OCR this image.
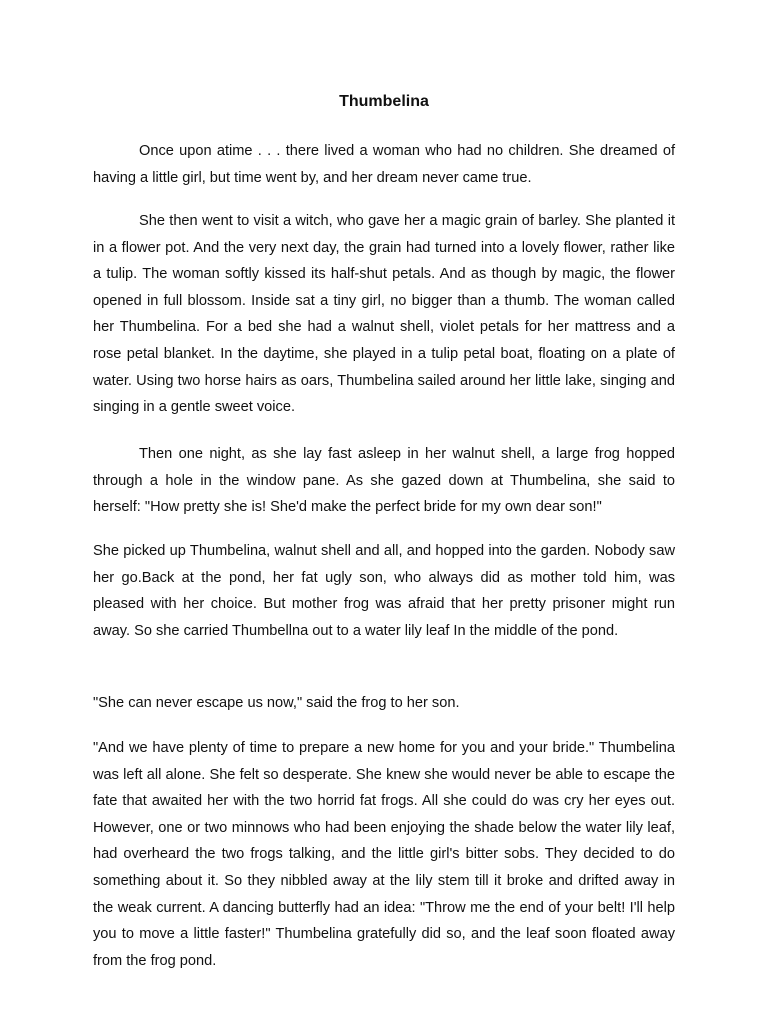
Thumbelina

Once upon atime . . . there lived a woman who had no children. She dreamed of having a little girl, but time went by, and her dream never came true.

She then went to visit a witch, who gave her a magic grain of barley. She planted it in a flower pot. And the very next day, the grain had turned into a lovely flower, rather like a tulip. The woman softly kissed its half-shut petals. And as though by magic, the flower opened in full blossom. Inside sat a tiny girl, no bigger than a thumb. The woman called her Thumbelina. For a bed she had a walnut shell, violet petals for her mattress and a rose petal blanket. In the daytime, she played in a tulip petal boat, floating on a plate of water. Using two horse hairs as oars, Thumbelina sailed around her little lake, singing and singing in a gentle sweet voice.

Then one night, as she lay fast asleep in her walnut shell, a large frog hopped through a hole in the window pane. As she gazed down at Thumbelina, she said to herself: "How pretty she is! She'd make the perfect bride for my own dear son!"

She picked up Thumbelina, walnut shell and all, and hopped into the garden. Nobody saw her go.Back at the pond, her fat ugly son, who always did as mother told him, was pleased with her choice. But mother frog was afraid that her pretty prisoner might run away. So she carried Thumbellna out to a water lily leaf In the middle of the pond.

"She can never escape us now," said the frog to her son.

"And we have plenty of time to prepare a new home for you and your bride." Thumbelina was left all alone. She felt so desperate. She knew she would never be able to escape the fate that awaited her with the two horrid fat frogs. All she could do was cry her eyes out. However, one or two minnows who had been enjoying the shade below the water lily leaf, had overheard the two frogs talking, and the little girl's bitter sobs. They decided to do something about it. So they nibbled away at the lily stem till it broke and drifted away in the weak current. A dancing butterfly had an idea: "Throw me the end of your belt! I'll help you to move a little faster!" Thumbelina gratefully did so, and the leaf soon floated away from the frog pond.
